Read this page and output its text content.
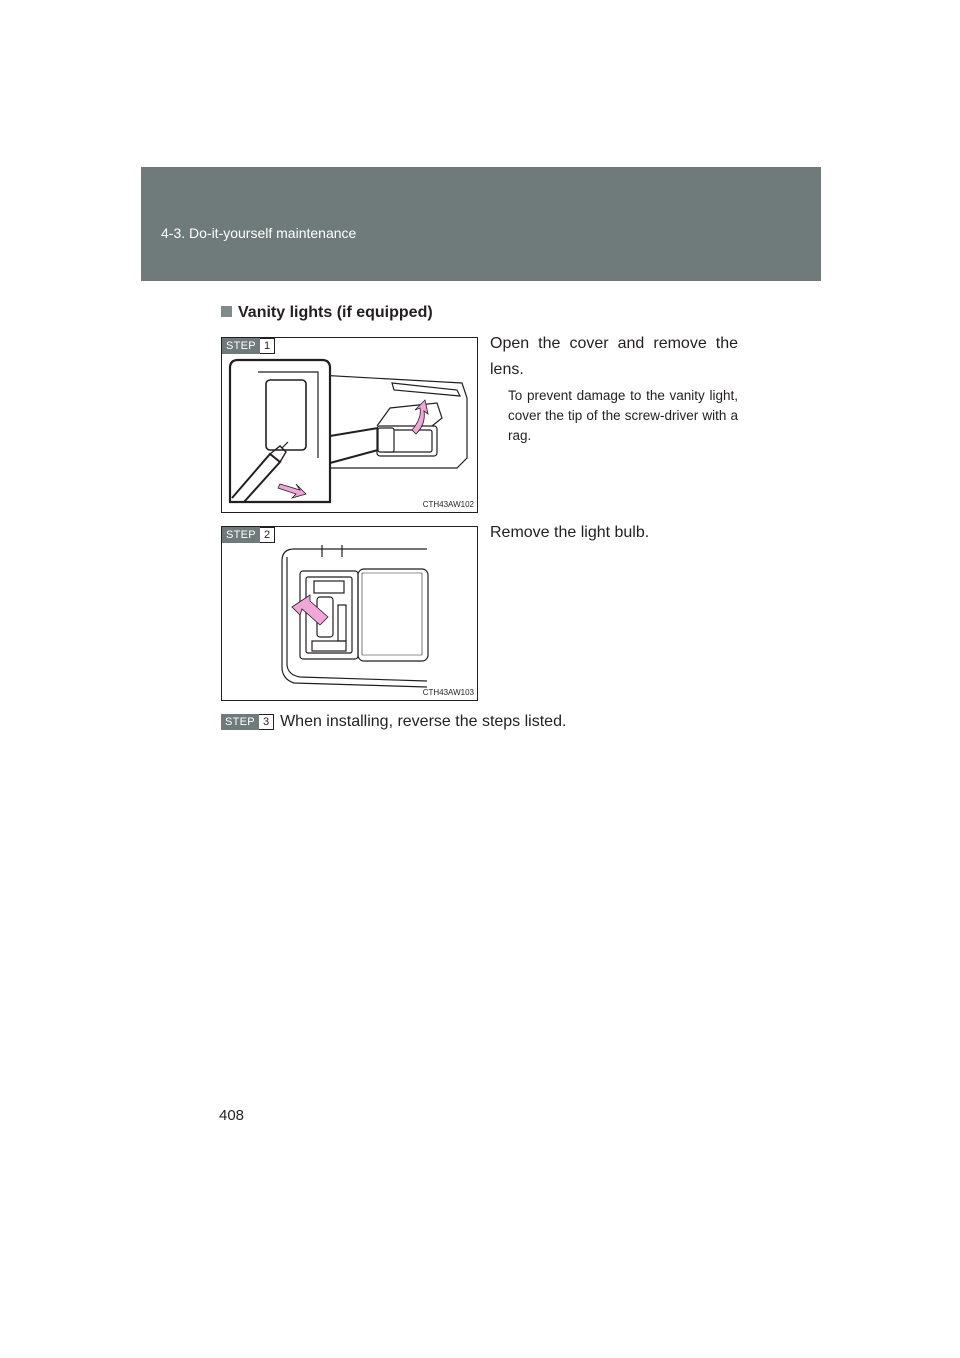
4-3. Do-it-yourself maintenance
Vanity lights (if equipped)
STEP 1
CTH43AW102
Open the cover and remove the lens.
To prevent damage to the vanity light, cover the tip of the screw-driver with a rag.
STEP 2
CTH43AW103
Remove the light bulb.
STEP 3 When installing, reverse the steps listed.
408
